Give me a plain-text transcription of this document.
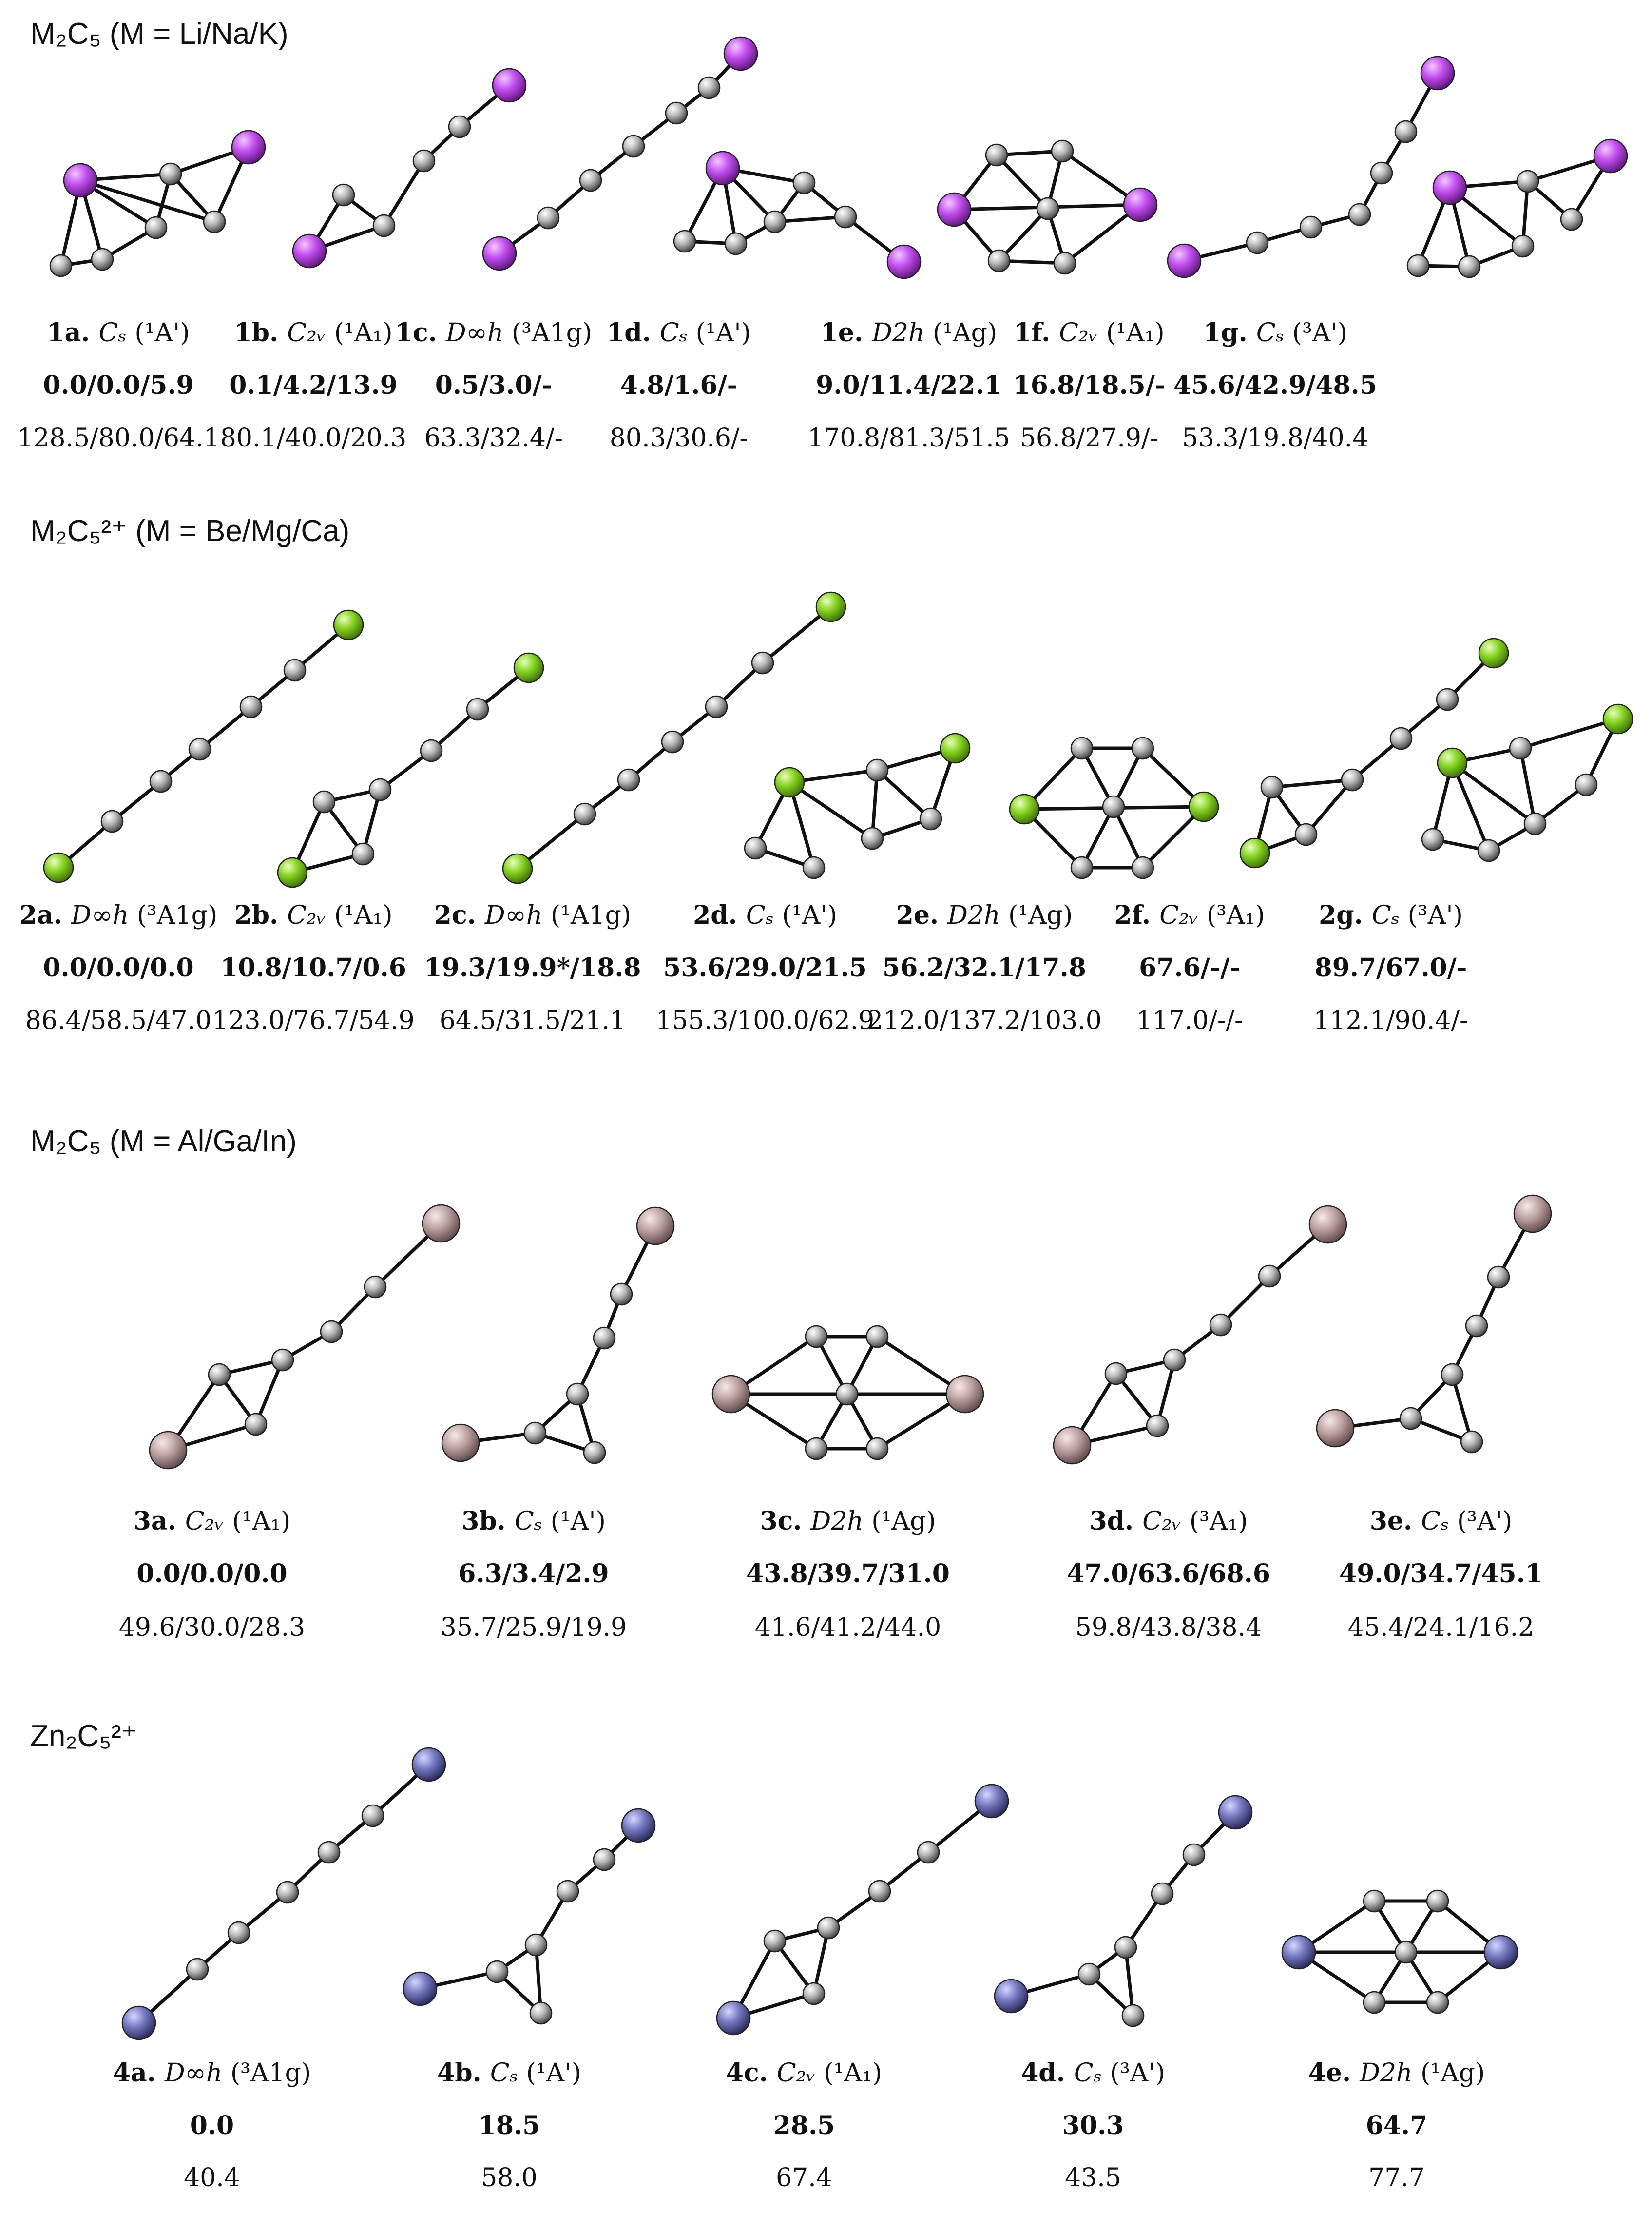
M₂C₅ (M = Li/Na/K)
M₂C₅²⁺ (M = Be/Mg/Ca)
M₂C₅ (M = Al/Ga/In)
Zn₂C₅²⁺
1a. Cₛ (¹A')
0.0/0.0/5.9
128.5/80.0/64.1
1b. C₂ᵥ (¹A₁)
0.1/4.2/13.9
80.1/40.0/20.3
1c. D∞h (³A1g)
0.5/3.0/-
63.3/32.4/-
1d. Cₛ (¹A')
4.8/1.6/-
80.3/30.6/-
1e. D2h (¹Ag)
9.0/11.4/22.1
170.8/81.3/51.5
1f. C₂ᵥ (¹A₁)
16.8/18.5/-
56.8/27.9/-
1g. Cₛ (³A')
45.6/42.9/48.5
53.3/19.8/40.4
2a. D∞h (³A1g)
0.0/0.0/0.0
86.4/58.5/47.0
2b. C₂ᵥ (¹A₁)
10.8/10.7/0.6
123.0/76.7/54.9
2c. D∞h (¹A1g)
19.3/19.9*/18.8
64.5/31.5/21.1
2d. Cₛ (¹A')
53.6/29.0/21.5
155.3/100.0/62.9
2e. D2h (¹Ag)
56.2/32.1/17.8
212.0/137.2/103.0
2f. C₂ᵥ (³A₁)
67.6/-/-
117.0/-/-
2g. Cₛ (³A')
89.7/67.0/-
112.1/90.4/-
3a. C₂ᵥ (¹A₁)
0.0/0.0/0.0
49.6/30.0/28.3
3b. Cₛ (¹A')
6.3/3.4/2.9
35.7/25.9/19.9
3c. D2h (¹Ag)
43.8/39.7/31.0
41.6/41.2/44.0
3d. C₂ᵥ (³A₁)
47.0/63.6/68.6
59.8/43.8/38.4
3e. Cₛ (³A')
49.0/34.7/45.1
45.4/24.1/16.2
4a. D∞h (³A1g)
0.0
40.4
4b. Cₛ (¹A')
18.5
58.0
4c. C₂ᵥ (¹A₁)
28.5
67.4
4d. Cₛ (³A')
30.3
43.5
4e. D2h (¹Ag)
64.7
77.7
